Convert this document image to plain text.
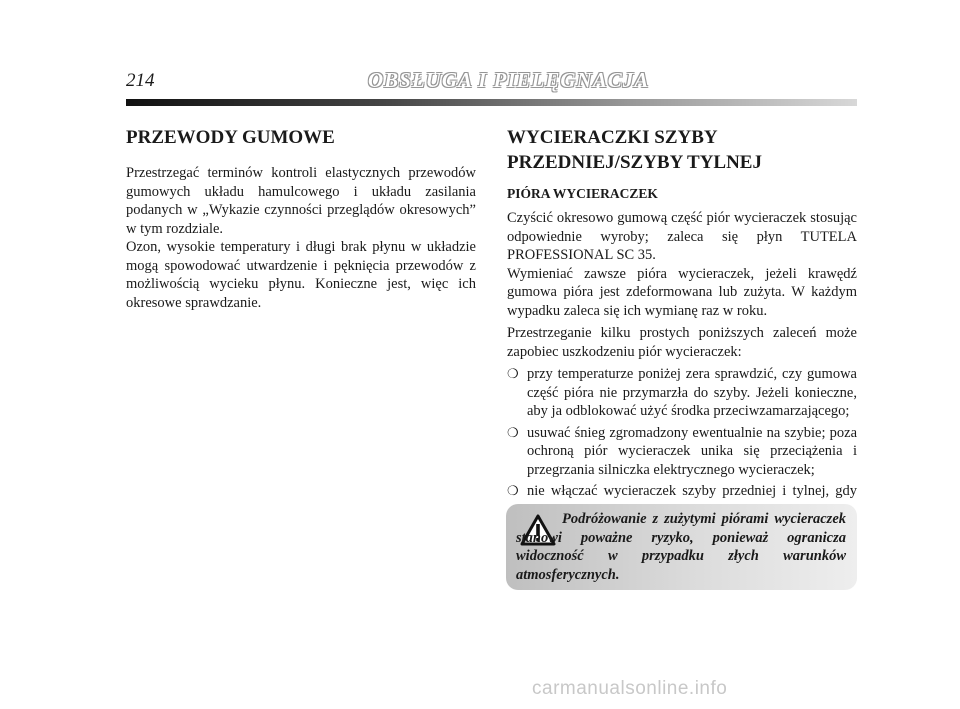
214	OBSŁUGA I PIELĘGNACJA
PRZEWODY GUMOWE

Przestrzegać terminów kontroli elastycznych przewodów gumowych układu hamulcowego i układu zasilania podanych w „Wykazie czynności przeglądów okresowych” w tym rozdziale.

Ozon, wysokie temperatury i długi brak płynu w układzie mogą spowodować utwardzenie i pęknięcia przewodów z możliwością wycieku płynu. Konieczne jest, więc ich okresowe sprawdzanie.

WYCIERACZKI SZYBY
PRZEDNIEJ/SZYBY TYLNEJ
PIÓRA WYCIERACZEK

Czyścić okresowo gumową część piór wycieraczek stosując odpowiednie wyroby; zaleca się płyn TUTELA PROFESSIONAL SC 35.

Wymieniać zawsze pióra wycieraczek, jeżeli krawędź gumowa pióra jest zdeformowana lub zużyta. W każdym wypadku zaleca się ich wymianę raz w roku.

Przestrzeganie kilku prostych poniższych zaleceń może zapobiec uszkodzeniu piór wycieraczek:

❍ przy temperaturze poniżej zera sprawdzić, czy gumowa część pióra nie przymarzła do szyby. Jeżeli konieczne, aby ja odblokować użyć środka przeciwzamarzającego;
❍ usuwać śnieg zgromadzony ewentualnie na szybie; poza ochroną piór wycieraczek unika się przeciążenia i przegrzania silniczka elektrycznego wycieraczek;
❍ nie włączać wycieraczek szyby przedniej i tylnej, gdy

Podróżowanie z zużytymi piórami wycieraczek stanowi poważne ryzyko, ponieważ ogranicza widoczność w przypadku złych warunków atmosferycznych.

carmanualsonline.info
